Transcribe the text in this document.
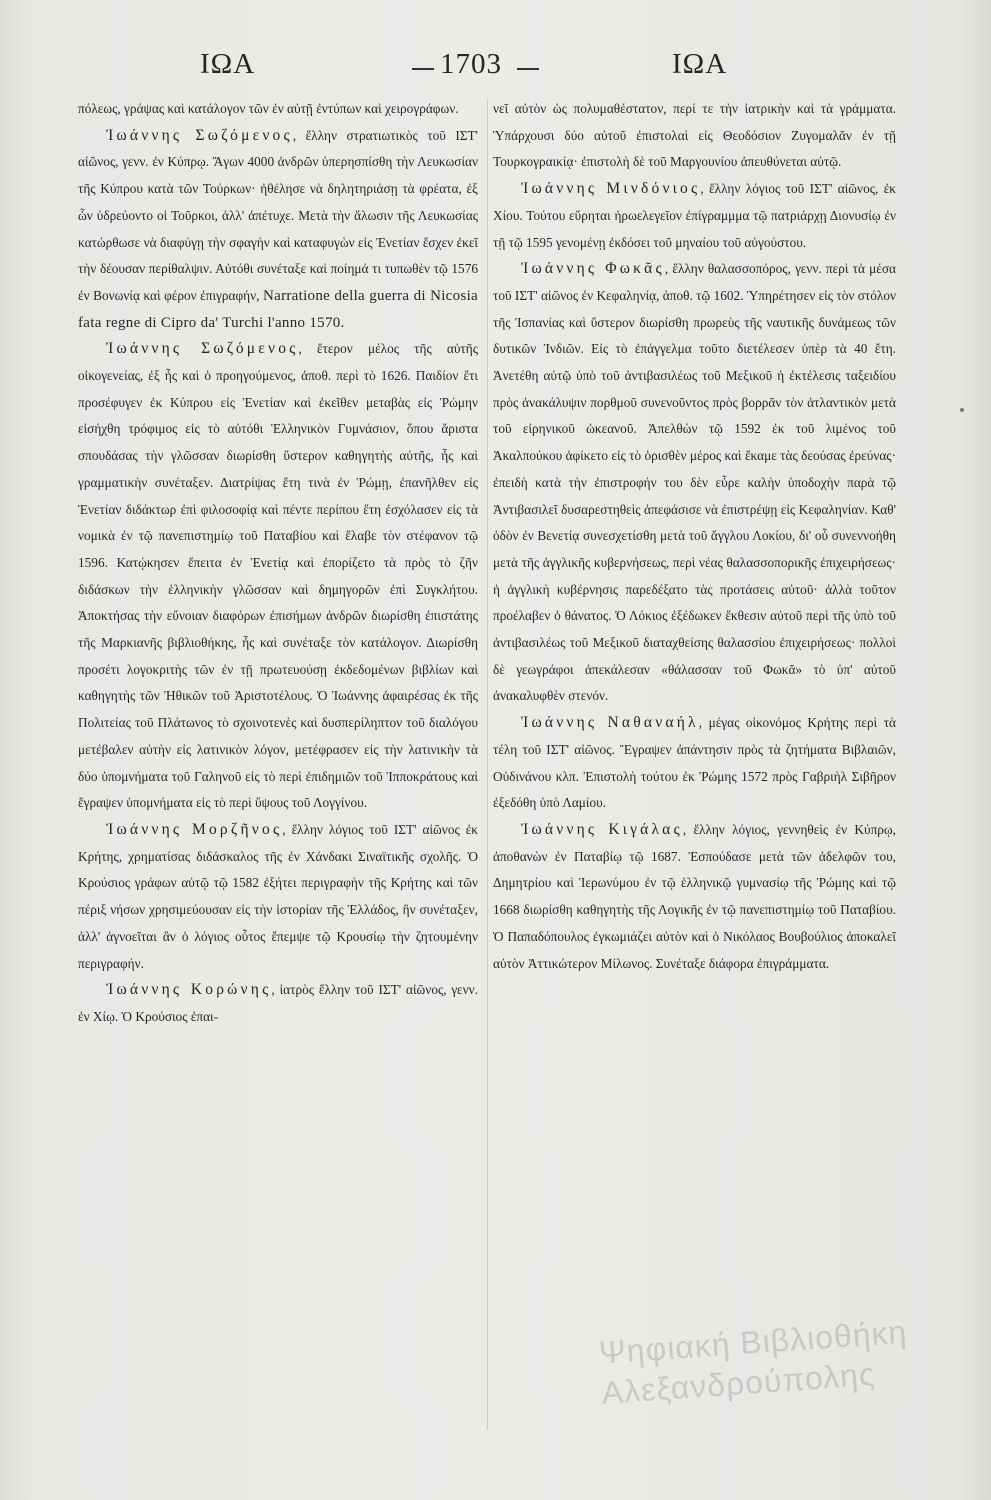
ΙΩΑ	1703	ΙΩΑ

πόλεως, γράψας καὶ κατάλογον τῶν ἐν αὐτῇ ἐντύπων καὶ χειρογράφων.

Ἰωάννης Σωζόμενος, ἕλλην στρατιωτικὸς τοῦ ΙΣΤ' αἰῶνος, γενν. ἐν Κύπρῳ. Ἄγων 4000 ἀνδρῶν ὑπερησπίσθη τὴν Λευκωσίαν τῆς Κύπρου κατὰ τῶν Τούρκων· ἠθέλησε νὰ δηλητηριάσῃ τὰ φρέατα, ἐξ ὧν ὑδρεύοντο οἱ Τοῦρκοι, ἀλλ' ἀπέτυχε. Μετὰ τὴν ἅλωσιν τῆς Λευκωσίας κατώρθωσε νὰ διαφύγῃ τὴν σφαγὴν καὶ καταφυγὼν εἰς Ἐνετίαν ἔσχεν ἐκεῖ τὴν δέουσαν περίθαλψιν. Αὐτόθι συνέταξε καὶ ποίημά τι τυπωθὲν τῷ 1576 ἐν Βονωνίᾳ καὶ φέρον ἐπιγραφήν, Narratione della guerra di Nicosia fata regne di Cipro da' Turchi l'anno 1570.

Ἰωάννης Σωζόμενος, ἕτερον μέλος τῆς αὐτῆς οἰκογενείας, ἐξ ἧς καὶ ὁ προηγούμενος, ἀποθ. περὶ τὸ 1626. Παιδίον ἔτι προσέφυγεν ἐκ Κύπρου εἰς Ἐνετίαν καὶ ἐκεῖθεν μεταβὰς εἰς Ῥώμην εἰσήχθη τρόφιμος εἰς τὸ αὐτόθι Ἑλληνικὸν Γυμνάσιον, ὅπου ἄριστα σπουδάσας τὴν γλῶσσαν διωρίσθη ὕστερον καθηγητὴς αὐτῆς, ἧς καὶ γραμματικὴν συνέταξεν. Διατρίψας ἔτη τινὰ ἐν Ῥώμῃ, ἐπανῆλθεν εἰς Ἐνετίαν διδάκτωρ ἐπὶ φιλοσοφίᾳ καὶ πέντε περίπου ἔτη ἐσχόλασεν εἰς τὰ νομικὰ ἐν τῷ πανεπιστημίῳ τοῦ Παταβίου καὶ ἔλαβε τὸν στέφανον τῷ 1596. Κατῴκησεν ἔπειτα ἐν Ἐνετίᾳ καὶ ἐπορίζετο τὰ πρὸς τὸ ζῆν διδάσκων τὴν ἑλληνικὴν γλῶσσαν καὶ δημηγορῶν ἐπὶ Συγκλήτου. Ἀποκτήσας τὴν εὔνοιαν διαφόρων ἐπισήμων ἀνδρῶν διωρίσθη ἐπιστάτης τῆς Μαρκιανῆς βιβλιοθήκης, ἧς καὶ συνέταξε τὸν κατάλογον. Διωρίσθη προσέτι λογοκριτὴς τῶν ἐν τῇ πρωτευούσῃ ἐκδεδομένων βιβλίων καὶ καθηγητὴς τῶν Ἠθικῶν τοῦ Ἀριστοτέλους. Ὁ Ἰωάννης ἀφαιρέσας ἐκ τῆς Πολιτείας τοῦ Πλάτωνος τὸ σχοινοτενὲς καὶ δυσπερίληπτον τοῦ διαλόγου μετέβαλεν αὐτὴν εἰς λατινικὸν λόγον, μετέφρασεν εἰς τὴν λατινικὴν τὰ δύο ὑπομνήματα τοῦ Γαληνοῦ εἰς τὸ περὶ ἐπιδημιῶν τοῦ Ἱπποκράτους καὶ ἔγραψεν ὑπομνήματα εἰς τὸ περὶ ὕψους τοῦ Λογγίνου.

Ἰωάννης Μορζῆνος, ἕλλην λόγιος τοῦ ΙΣΤ' αἰῶνος ἐκ Κρήτης, χρηματίσας διδάσκαλος τῆς ἐν Χάνδακι Σιναϊτικῆς σχολῆς. Ὁ Κρούσιος γράφων αὐτῷ τῷ 1582 ἐξήτει περιγραφὴν τῆς Κρήτης καὶ τῶν πέριξ νήσων χρησιμεύουσαν εἰς τὴν ἱστορίαν τῆς Ἑλλάδος, ἣν συνέταξεν, ἀλλ' ἀγνοεῖται ἂν ὁ λόγιος οὗτος ἔπεμψε τῷ Κρουσίῳ τὴν ζητουμένην περιγραφήν.

Ἰωάννης Κορώνης, ἰατρὸς ἕλλην τοῦ ΙΣΤ' αἰῶνος, γενν. ἐν Χίῳ. Ὁ Κρούσιος ἐπαι-

νεῖ αὐτὸν ὡς πολυμαθέστατον, περί τε τὴν ἰατρικὴν καὶ τὰ γράμματα. Ὑπάρχουσι δύο αὐτοῦ ἐπιστολαὶ εἰς Θεοδόσιον Ζυγομαλᾶν ἐν τῇ Τουρκογραικίᾳ· ἐπιστολὴ δὲ τοῦ Μαργουνίου ἀπευθύνεται αὐτῷ.

Ἰωάννης Μινδόνιος, ἕλλην λόγιος τοῦ ΙΣΤ' αἰῶνος, ἐκ Χίου. Τούτου εὕρηται ἡρωελεγεῖον ἐπίγραμμμα τῷ πατριάρχῃ Διονυσίῳ ἐν τῇ τῷ 1595 γενομένῃ ἐκδόσει τοῦ μηναίου τοῦ αὐγούστου.

Ἰωάννης Φωκᾶς, ἕλλην θαλασσοπόρος, γενν. περὶ τὰ μέσα τοῦ ΙΣΤ' αἰῶνος ἐν Κεφαληνίᾳ, ἀποθ. τῷ 1602. Ὑπηρέτησεν εἰς τὸν στόλον τῆς Ἱσπανίας καὶ ὕστερον διωρίσθη πρωρεὺς τῆς ναυτικῆς δυνάμεως τῶν δυτικῶν Ἰνδιῶν. Εἰς τὸ ἐπάγγελμα τοῦτο διετέλεσεν ὑπὲρ τὰ 40 ἔτη. Ἀνετέθη αὐτῷ ὑπὸ τοῦ ἀντιβασιλέως τοῦ Μεξικοῦ ἡ ἐκτέλεσις ταξειδίου πρὸς ἀνακάλυψιν πορθμοῦ συνενοῦντος πρὸς βορρᾶν τὸν ἀτλαντικὸν μετὰ τοῦ εἰρηνικοῦ ὠκεανοῦ. Ἀπελθὼν τῷ 1592 ἐκ τοῦ λιμένος τοῦ Ἀκαλπούκου ἀφίκετο εἰς τὸ ὁρισθὲν μέρος καὶ ἔκαμε τὰς δεούσας ἐρεύνας· ἐπειδὴ κατὰ τὴν ἐπιστροφήν του δὲν εὗρε καλὴν ὑποδοχὴν παρὰ τῷ Ἀντιβασιλεῖ δυσαρεστηθεὶς ἀπεφάσισε νὰ ἐπιστρέψῃ εἰς Κεφαληνίαν. Καθ' ὁδὸν ἐν Βενετίᾳ συνεσχετίσθη μετὰ τοῦ ἄγγλου Λοκίου, δι' οὗ συνεννοήθη μετὰ τῆς ἀγγλικῆς κυβερνήσεως, περὶ νέας θαλασσοπορικῆς ἐπιχειρήσεως· ἡ ἀγγλικὴ κυβέρνησις παρεδέξατο τὰς προτάσεις αὐτοῦ· ἀλλὰ τοῦτον προέλαβεν ὁ θάνατος. Ὁ Λόκιος ἐξέδωκεν ἔκθεσιν αὐτοῦ περὶ τῆς ὑπὸ τοῦ ἀντιβασιλέως τοῦ Μεξικοῦ διαταχθείσης θαλασσίου ἐπιχειρήσεως· πολλοὶ δὲ γεωγράφοι ἀπεκάλεσαν «θάλασσαν τοῦ Φωκᾶ» τὸ ὑπ' αὐτοῦ ἀνακαλυφθὲν στενόν.

Ἰωάννης Ναθαναήλ, μέγας οἰκονόμος Κρήτης περὶ τὰ τέλη τοῦ ΙΣΤ' αἰῶνος. Ἔγραψεν ἀπάντησιν πρὸς τὰ ζητήματα Βιβλαιῶν, Οὐδινάνου κλπ. Ἐπιστολὴ τούτου ἐκ Ῥώμης 1572 πρὸς Γαβριὴλ Σιβῆρον ἐξεδόθη ὑπὸ Λαμίου.

Ἰωάννης Κιγάλας, ἕλλην λόγιος, γεννηθεὶς ἐν Κύπρῳ, ἀποθανὼν ἐν Παταβίῳ τῷ 1687. Ἐσπούδασε μετὰ τῶν ἀδελφῶν του, Δημητρίου καὶ Ἱερωνύμου ἐν τῷ ἑλληνικῷ γυμνασίῳ τῆς Ῥώμης καὶ τῷ 1668 διωρίσθη καθηγητὴς τῆς Λογικῆς ἐν τῷ πανεπιστημίῳ τοῦ Παταβίου. Ὁ Παπαδόπουλος ἐγκωμιάζει αὐτὸν καὶ ὁ Νικόλαος Βουβούλιος ἀποκαλεῖ αὐτὸν Ἀττικώτερον Μίλωνος. Συνέταξε διάφορα ἐπιγράμματα.

Ψηφιακή Βιβλιοθήκη Αλεξανδρούπολης
